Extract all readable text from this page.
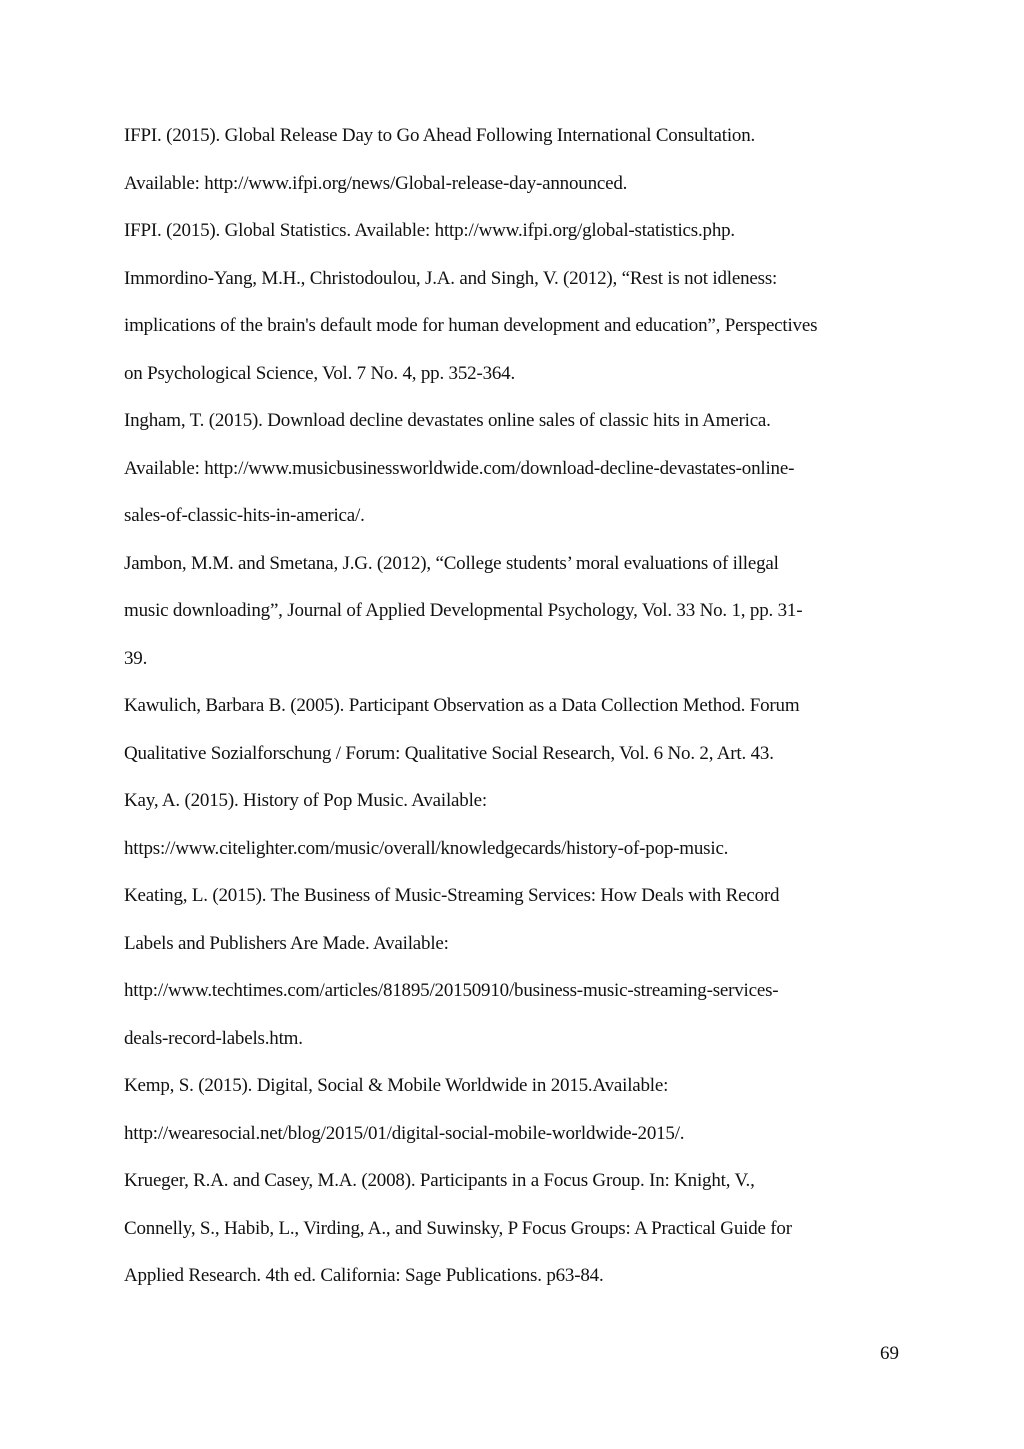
IFPI. (2015). Global Release Day to Go Ahead Following International Consultation.
Available: http://www.ifpi.org/news/Global-release-day-announced.
IFPI. (2015). Global Statistics. Available: http://www.ifpi.org/global-statistics.php.
Immordino-Yang, M.H., Christodoulou, J.A. and Singh, V. (2012), “Rest is not idleness:
implications of the brain's default mode for human development and education”, Perspectives
on Psychological Science, Vol. 7 No. 4, pp. 352-364.
Ingham, T. (2015). Download decline devastates online sales of classic hits in America.
Available: http://www.musicbusinessworldwide.com/download-decline-devastates-online-
sales-of-classic-hits-in-america/.
Jambon, M.M. and Smetana, J.G. (2012), “College students’ moral evaluations of illegal
music downloading”, Journal of Applied Developmental Psychology, Vol. 33 No. 1, pp. 31-
39.
Kawulich, Barbara B. (2005). Participant Observation as a Data Collection Method. Forum
Qualitative Sozialforschung / Forum: Qualitative Social Research, Vol. 6 No. 2, Art. 43.
Kay, A. (2015). History of Pop Music. Available:
https://www.citelighter.com/music/overall/knowledgecards/history-of-pop-music.
Keating, L. (2015). The Business of Music-Streaming Services: How Deals with Record
Labels and Publishers Are Made. Available:
http://www.techtimes.com/articles/81895/20150910/business-music-streaming-services-
deals-record-labels.htm.
Kemp, S. (2015). Digital, Social & Mobile Worldwide in 2015.Available:
http://wearesocial.net/blog/2015/01/digital-social-mobile-worldwide-2015/.
Krueger, R.A. and Casey, M.A. (2008). Participants in a Focus Group. In: Knight, V.,
Connelly, S., Habib, L., Virding, A., and Suwinsky, P Focus Groups: A Practical Guide for
Applied Research. 4th ed. California: Sage Publications. p63-84.
69
